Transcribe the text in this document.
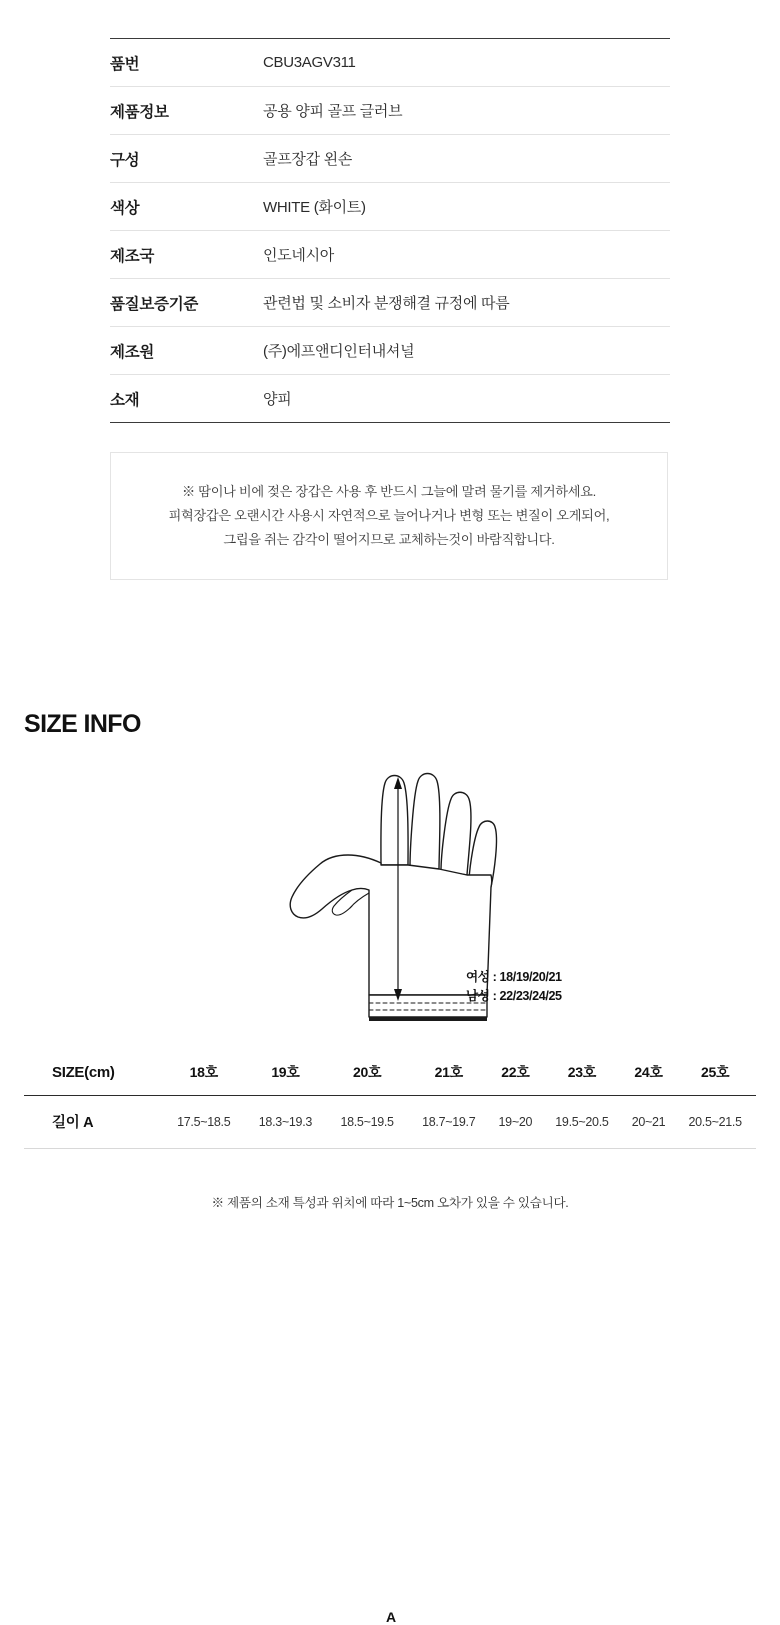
품번	CBU3AGV311
제품정보	공용 양피 골프 글러브
구성	골프장갑 왼손
색상	WHITE (화이트)
제조국	인도네시아
품질보증기준	관련법 및 소비자 분쟁해결 규정에 따름
제조원	(주)에프앤디인터내셔널
소재	양피
※ 땀이나 비에 젖은 장갑은 사용 후 반드시 그늘에 말려 물기를 제거하세요.
피혁장갑은 오랜시간 사용시 자연적으로 늘어나거나 변형 또는 변질이 오게되어,
그립을 쥐는 감각이 떨어지므로 교체하는것이 바람직합니다.
SIZE INFO
A
여성 : 18/19/20/21
남성 : 22/23/24/25
SIZE(cm)	18호	19호	20호	21호	22호	23호	24호	25호
길이 A	17.5~18.5	18.3~19.3	18.5~19.5	18.7~19.7	19~20	19.5~20.5	20~21	20.5~21.5
※ 제품의 소재 특성과 위치에 따라 1~5cm 오차가 있을 수 있습니다.
